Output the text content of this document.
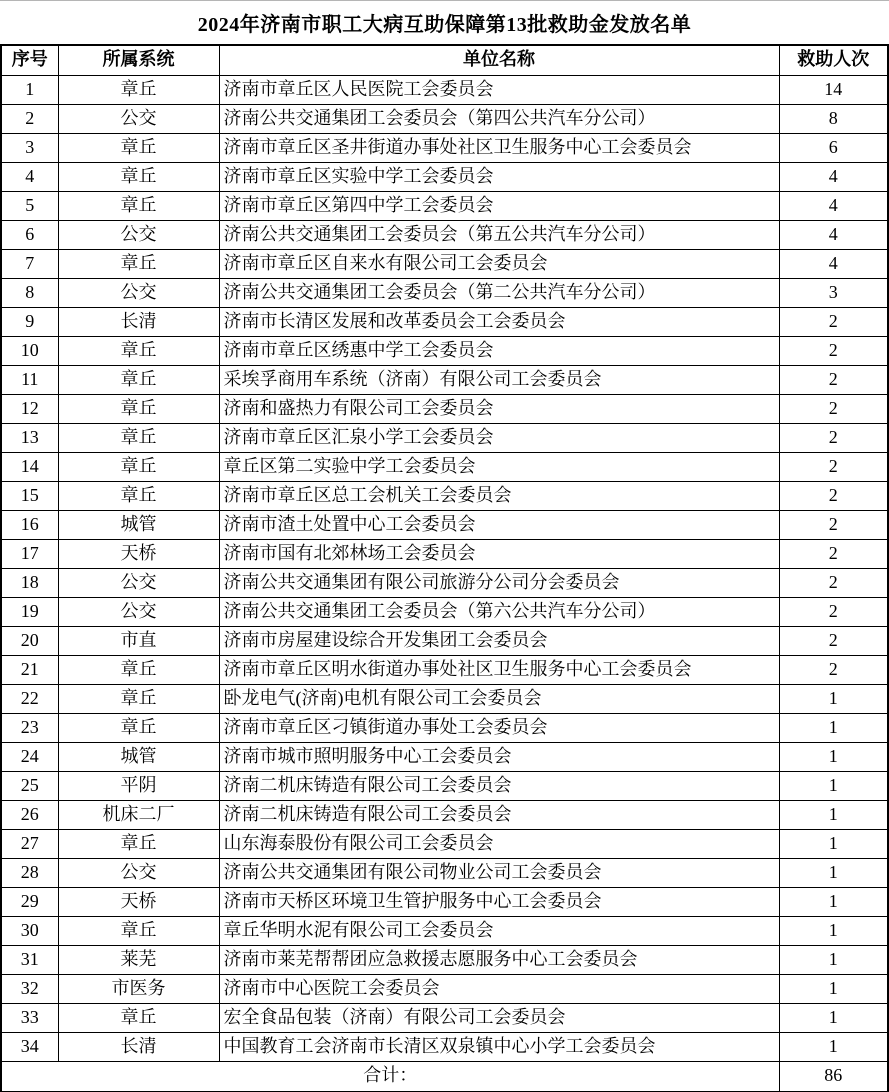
2024年济南市职工大病互助保障第13批救助金发放名单
序号	所属系统	单位名称	救助人次
1	章丘	济南市章丘区人民医院工会委员会	14
2	公交	济南公共交通集团工会委员会（第四公共汽车分公司）	8
3	章丘	济南市章丘区圣井街道办事处社区卫生服务中心工会委员会	6
4	章丘	济南市章丘区实验中学工会委员会	4
5	章丘	济南市章丘区第四中学工会委员会	4
6	公交	济南公共交通集团工会委员会（第五公共汽车分公司）	4
7	章丘	济南市章丘区自来水有限公司工会委员会	4
8	公交	济南公共交通集团工会委员会（第二公共汽车分公司）	3
9	长清	济南市长清区发展和改革委员会工会委员会	2
10	章丘	济南市章丘区绣惠中学工会委员会	2
11	章丘	采埃孚商用车系统（济南）有限公司工会委员会	2
12	章丘	济南和盛热力有限公司工会委员会	2
13	章丘	济南市章丘区汇泉小学工会委员会	2
14	章丘	章丘区第二实验中学工会委员会	2
15	章丘	济南市章丘区总工会机关工会委员会	2
16	城管	济南市渣土处置中心工会委员会	2
17	天桥	济南市国有北郊林场工会委员会	2
18	公交	济南公共交通集团有限公司旅游分公司分会委员会	2
19	公交	济南公共交通集团工会委员会（第六公共汽车分公司）	2
20	市直	济南市房屋建设综合开发集团工会委员会	2
21	章丘	济南市章丘区明水街道办事处社区卫生服务中心工会委员会	2
22	章丘	卧龙电气(济南)电机有限公司工会委员会	1
23	章丘	济南市章丘区刁镇街道办事处工会委员会	1
24	城管	济南市城市照明服务中心工会委员会	1
25	平阴	济南二机床铸造有限公司工会委员会	1
26	机床二厂	济南二机床铸造有限公司工会委员会	1
27	章丘	山东海泰股份有限公司工会委员会	1
28	公交	济南公共交通集团有限公司物业公司工会委员会	1
29	天桥	济南市天桥区环境卫生管护服务中心工会委员会	1
30	章丘	章丘华明水泥有限公司工会委员会	1
31	莱芜	济南市莱芜帮帮团应急救援志愿服务中心工会委员会	1
32	市医务	济南市中心医院工会委员会	1
33	章丘	宏全食品包装（济南）有限公司工会委员会	1
34	长清	中国教育工会济南市长清区双泉镇中心小学工会委员会	1
合计：			86
